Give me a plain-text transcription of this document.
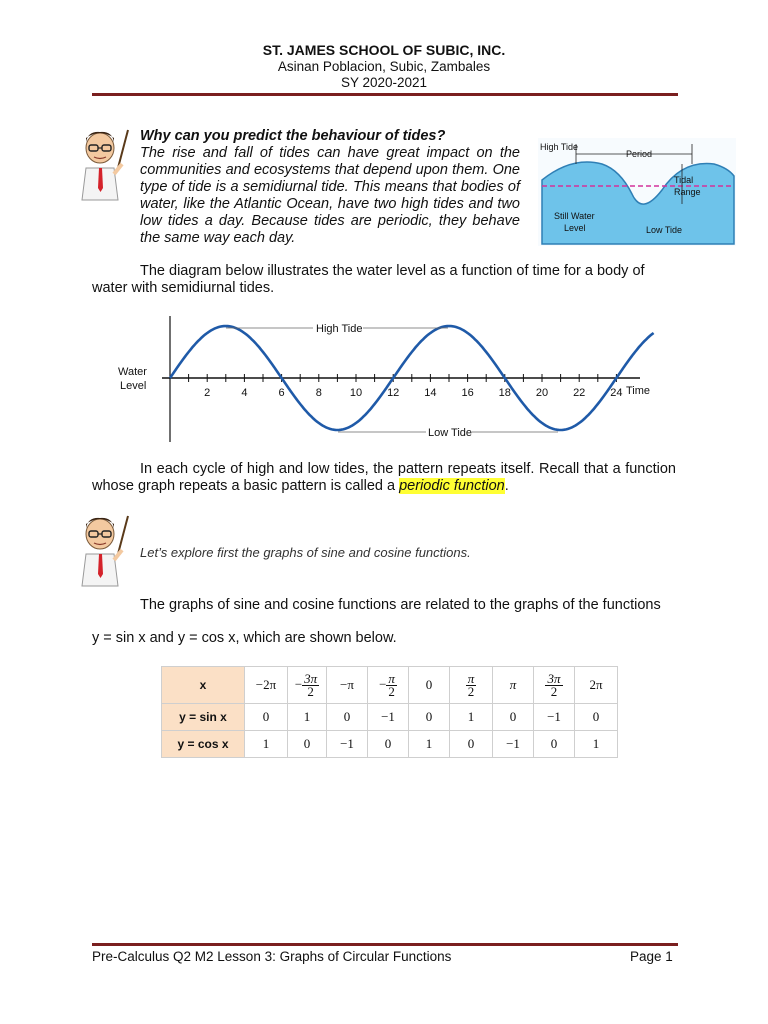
ST. JAMES SCHOOL OF SUBIC, INC.
Asinan Poblacion, Subic, Zambales
SY 2020-2021
Why can you predict the behaviour of tides?
The rise and fall of tides can have great impact on the communities and ecosystems that depend upon them. One type of tide is a semidiurnal tide. This means that bodies of water, like the Atlantic Ocean, have two high tides and two low tides a day. Because tides are periodic, they behave the same way each day.
High Tide
Period
Tidal
Range
Still Water
Level	Low Tide
The diagram below illustrates the water level as a function of time for a body of water with semidiurnal tides.
2	4	6	8	10 12 14 16 18 20 22 24
Water
Level	Time
High Tide
Low Tide
In each cycle of high and low tides, the pattern repeats itself. Recall that a function whose graph repeats a basic pattern is called a periodic function.
Let’s explore first the graphs of sine and cosine functions.
The graphs of sine and cosine functions are related to the graphs of the functions
y = sin x and y = cos x, which are shown below.
x	−2π	− $\frac{3\pi}{2}$	−π	− $\frac{\pi}{2}$	0	$\frac{\pi}{2}$	π	$\frac{3\pi}{2}$	2π
y = sin x	0	1	0	−1	0	1	0	−1	0
y = cos x	1	0	−1	0	1	0	−1	0	1
Pre-Calculus Q2 M2 Lesson 3: Graphs of Circular Functions	Page 1
